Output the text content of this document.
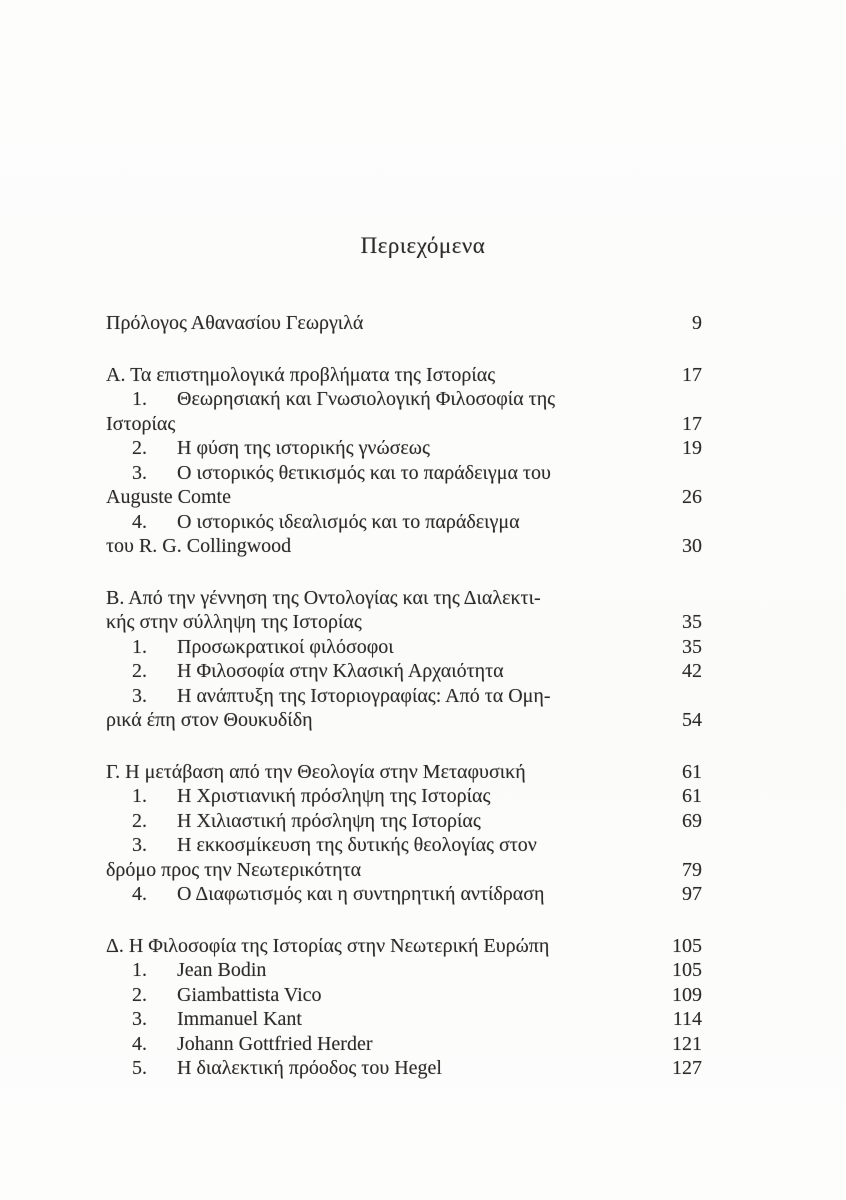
Περιεχόμενα
Πρόλογος Αθανασίου Γεωργιλά	9
Α. Τα επιστημολογικά προβλήματα της Ιστορίας	17
1. Θεωρησιακή και Γνωσιολογική Φιλοσοφία της
Ιστορίας	17
2. Η φύση της ιστορικής γνώσεως	19
3. Ο ιστορικός θετικισμός και το παράδειγμα του
Auguste Comte	26
4. Ο ιστορικός ιδεαλισμός και το παράδειγμα
του R. G. Collingwood	30
Β. Από την γέννηση της Οντολογίας και της Διαλεκτι-
κής στην σύλληψη της Ιστορίας	35
1. Προσωκρατικοί φιλόσοφοι	35
2. Η Φιλοσοφία στην Κλασική Αρχαιότητα	42
3. Η ανάπτυξη της Ιστοριογραφίας: Από τα Ομη-
ρικά έπη στον Θουκυδίδη	54
Γ. Η μετάβαση από την Θεολογία στην Μεταφυσική	61
1. Η Χριστιανική πρόσληψη της Ιστορίας	61
2. Η Χιλιαστική πρόσληψη της Ιστορίας	69
3. Η εκκοσμίκευση της δυτικής θεολογίας στον
δρόμο προς την Νεωτερικότητα	79
4. Ο Διαφωτισμός και η συντηρητική αντίδραση	97
Δ. Η Φιλοσοφία της Ιστορίας στην Νεωτερική Ευρώπη	105
1. Jean Bodin	105
2. Giambattista Vico	109
3. Immanuel Kant	114
4. Johann Gottfried Herder	121
5. Η διαλεκτική πρόοδος του Hegel	127
